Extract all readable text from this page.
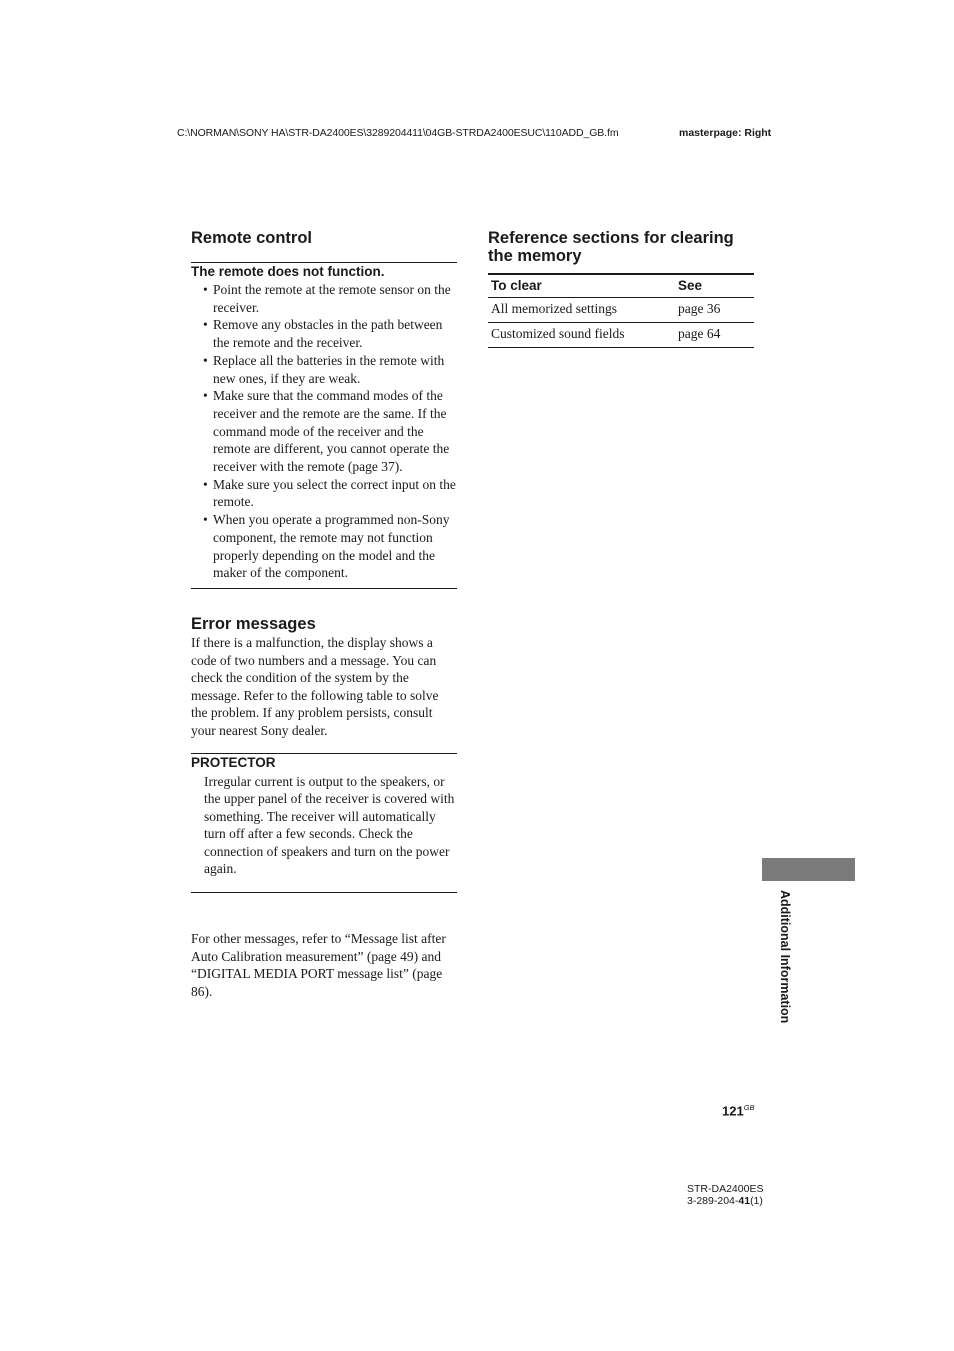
C:\NORMAN\SONY HA\STR-DA2400ES\3289204411\04GB-STRDA2400ESUC\110ADD_GB.fm	masterpage: Right
Remote control

The remote does not function.

• Point the remote at the remote sensor on the receiver.
• Remove any obstacles in the path between the remote and the receiver.
• Replace all the batteries in the remote with new ones, if they are weak.
• Make sure that the command modes of the receiver and the remote are the same. If the command mode of the receiver and the remote are different, you cannot operate the receiver with the remote (page 37).
• Make sure you select the correct input on the remote.
• When you operate a programmed non-Sony component, the remote may not function properly depending on the model and the maker of the component.
Error messages

If there is a malfunction, the display shows a code of two numbers and a message. You can check the condition of the system by the message. Refer to the following table to solve the problem. If any problem persists, consult your nearest Sony dealer.

PROTECTOR

Irregular current is output to the speakers, or the upper panel of the receiver is covered with something. The receiver will automatically turn off after a few seconds. Check the connection of speakers and turn on the power again.

For other messages, refer to “Message list after Auto Calibration measurement” (page 49) and “DIGITAL MEDIA PORT message list” (page 86).

Reference sections for clearing the memory
To clear	See
All memorized settings	page 36
Customized sound fields	page 64
Additional Information
$121^{GB}$
STR-DA2400ES
3-289-204-41(1)
